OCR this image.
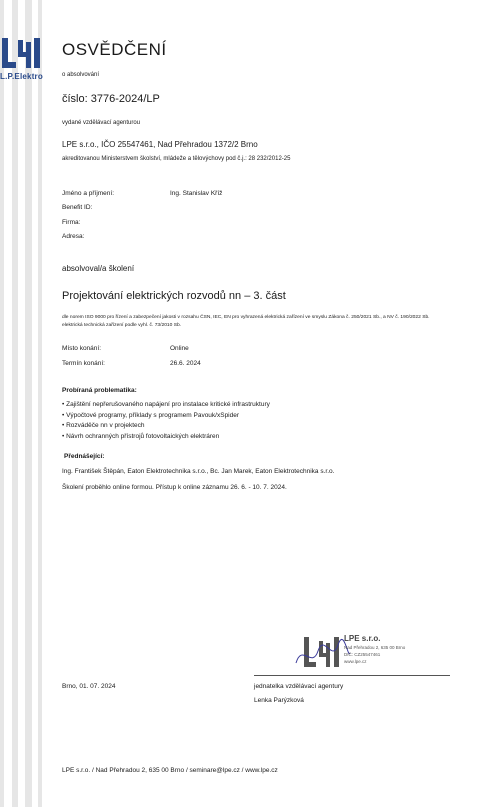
L.P.Elektro
OSVĚDČENÍ
o absolvování
číslo: 3776-2024/LP
vydané vzdělávací agenturou
LPE s.r.o., IČO 25547461, Nad Přehradou 1372/2 Brno
akreditovanou Ministerstvem školství, mládeže a tělovýchovy pod č.j.: 28 232/2012-25
Jméno a příjmení:	Ing. Stanislav Kříž
Benefit ID:
Firma:
Adresa:
absolvoval/a školení
Projektování elektrických rozvodů nn – 3. část
dle norem ISO 9000 pro řízení a zabezpečení jakosti v rozsahu ČSN, IEC, EN pro vyhrazená elektrická zařízení ve smyslu Zákona č. 250/2021 Sb., a NV č. 190/2022 Sb.
elektrická technická zařízení podle vyhl. č. 73/2010 Sb.
Místo konání:	Online
Termín konání:	26.6. 2024
Probíraná problematika:
• Zajištění nepřerušovaného napájení pro instalace kritické infrastruktury
• Výpočtové programy, příklady s programem Pavouk/xSpider
• Rozváděče nn v projektech
• Návrh ochranných přístrojů fotovoltaických elektráren
Přednášející:
Ing. František Štěpán, Eaton Elektrotechnika s.r.o., Bc. Jan Marek, Eaton Elektrotechnika s.r.o.
Školení proběhlo online formou. Přístup k online záznamu 26. 6. - 10. 7. 2024.
LPE s.r.o.
Nad Přehradou 2, 635 00 Brno
DIČ: CZ25547461
www.lpe.cz
Brno, 01. 07. 2024	jednatelka vzdělávací agentury
Lenka Parýzková
LPE s.r.o. / Nad Přehradou 2, 635 00 Brno / seminare@lpe.cz / www.lpe.cz
